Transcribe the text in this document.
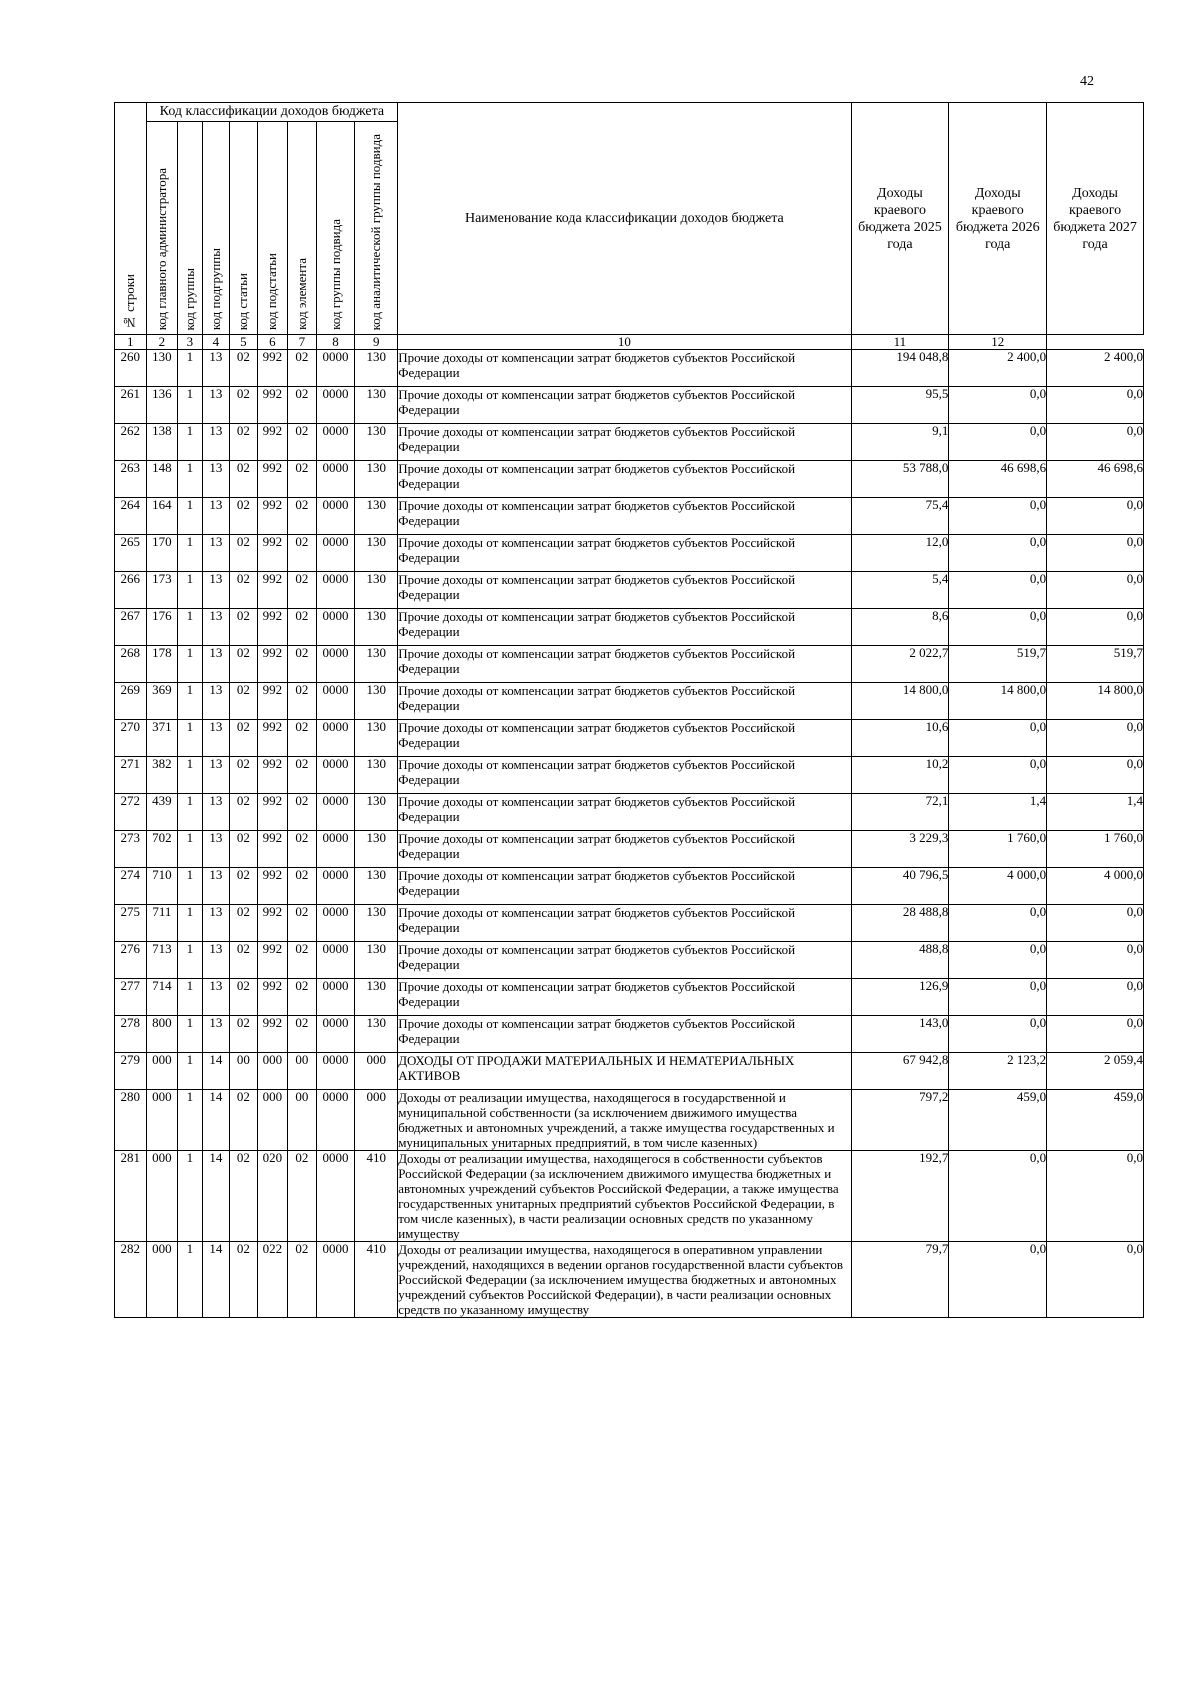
42
№ строки	Код классификации доходов бюджета								Наименование кода классификации доходов бюджета	Доходы краевого бюджета 2025 года	Доходы краевого бюджета 2026 года	Доходы краевого бюджета 2027 года

	код главного администратора	код группы	код подгруппы	код статьи	код подстатьи	код элемента	код группы подвида	код аналитической группы подвида				

1	2	3	4	5	6	7	8	9	10	11	12	
260	130	1	13	02	992	02	0000	130	Прочие доходы от компенсации затрат бюджетов субъектов Российской Федерации	194 048,8	2 400,0	2 400,0
261	136	1	13	02	992	02	0000	130	Прочие доходы от компенсации затрат бюджетов субъектов Российской Федерации	95,5	0,0	0,0
262	138	1	13	02	992	02	0000	130	Прочие доходы от компенсации затрат бюджетов субъектов Российской Федерации	9,1	0,0	0,0
263	148	1	13	02	992	02	0000	130	Прочие доходы от компенсации затрат бюджетов субъектов Российской Федерации	53 788,0	46 698,6	46 698,6
264	164	1	13	02	992	02	0000	130	Прочие доходы от компенсации затрат бюджетов субъектов Российской Федерации	75,4	0,0	0,0
265	170	1	13	02	992	02	0000	130	Прочие доходы от компенсации затрат бюджетов субъектов Российской Федерации	12,0	0,0	0,0
266	173	1	13	02	992	02	0000	130	Прочие доходы от компенсации затрат бюджетов субъектов Российской Федерации	5,4	0,0	0,0
267	176	1	13	02	992	02	0000	130	Прочие доходы от компенсации затрат бюджетов субъектов Российской Федерации	8,6	0,0	0,0
268	178	1	13	02	992	02	0000	130	Прочие доходы от компенсации затрат бюджетов субъектов Российской Федерации	2 022,7	519,7	519,7
269	369	1	13	02	992	02	0000	130	Прочие доходы от компенсации затрат бюджетов субъектов Российской Федерации	14 800,0	14 800,0	14 800,0
270	371	1	13	02	992	02	0000	130	Прочие доходы от компенсации затрат бюджетов субъектов Российской Федерации	10,6	0,0	0,0
271	382	1	13	02	992	02	0000	130	Прочие доходы от компенсации затрат бюджетов субъектов Российской Федерации	10,2	0,0	0,0
272	439	1	13	02	992	02	0000	130	Прочие доходы от компенсации затрат бюджетов субъектов Российской Федерации	72,1	1,4	1,4
273	702	1	13	02	992	02	0000	130	Прочие доходы от компенсации затрат бюджетов субъектов Российской Федерации	3 229,3	1 760,0	1 760,0
274	710	1	13	02	992	02	0000	130	Прочие доходы от компенсации затрат бюджетов субъектов Российской Федерации	40 796,5	4 000,0	4 000,0
275	711	1	13	02	992	02	0000	130	Прочие доходы от компенсации затрат бюджетов субъектов Российской Федерации	28 488,8	0,0	0,0
276	713	1	13	02	992	02	0000	130	Прочие доходы от компенсации затрат бюджетов субъектов Российской Федерации	488,8	0,0	0,0
277	714	1	13	02	992	02	0000	130	Прочие доходы от компенсации затрат бюджетов субъектов Российской Федерации	126,9	0,0	0,0
278	800	1	13	02	992	02	0000	130	Прочие доходы от компенсации затрат бюджетов субъектов Российской Федерации	143,0	0,0	0,0
279	000	1	14	00	000	00	0000	000	ДОХОДЫ ОТ ПРОДАЖИ МАТЕРИАЛЬНЫХ И НЕМАТЕРИАЛЬНЫХ АКТИВОВ	67 942,8	2 123,2	2 059,4
280	000	1	14	02	000	00	0000	000	Доходы от реализации имущества, находящегося в государственной и муниципальной собственности (за исключением движимого имущества бюджетных и автономных учреждений, а также имущества государственных и муниципальных унитарных предприятий, в том числе казенных)	797,2	459,0	459,0
281	000	1	14	02	020	02	0000	410	Доходы от реализации имущества, находящегося в собственности субъектов Российской Федерации (за исключением движимого имущества бюджетных и автономных учреждений субъектов Российской Федерации, а также имущества государственных унитарных предприятий субъектов Российской Федерации, в том числе казенных), в части реализации основных средств по указанному имуществу	192,7	0,0	0,0
282	000	1	14	02	022	02	0000	410	Доходы от реализации имущества, находящегося в оперативном управлении учреждений, находящихся в ведении органов государственной власти субъектов Российской Федерации (за исключением имущества бюджетных и автономных учреждений субъектов Российской Федерации), в части реализации основных средств по указанному имуществу	79,7	0,0	0,0
